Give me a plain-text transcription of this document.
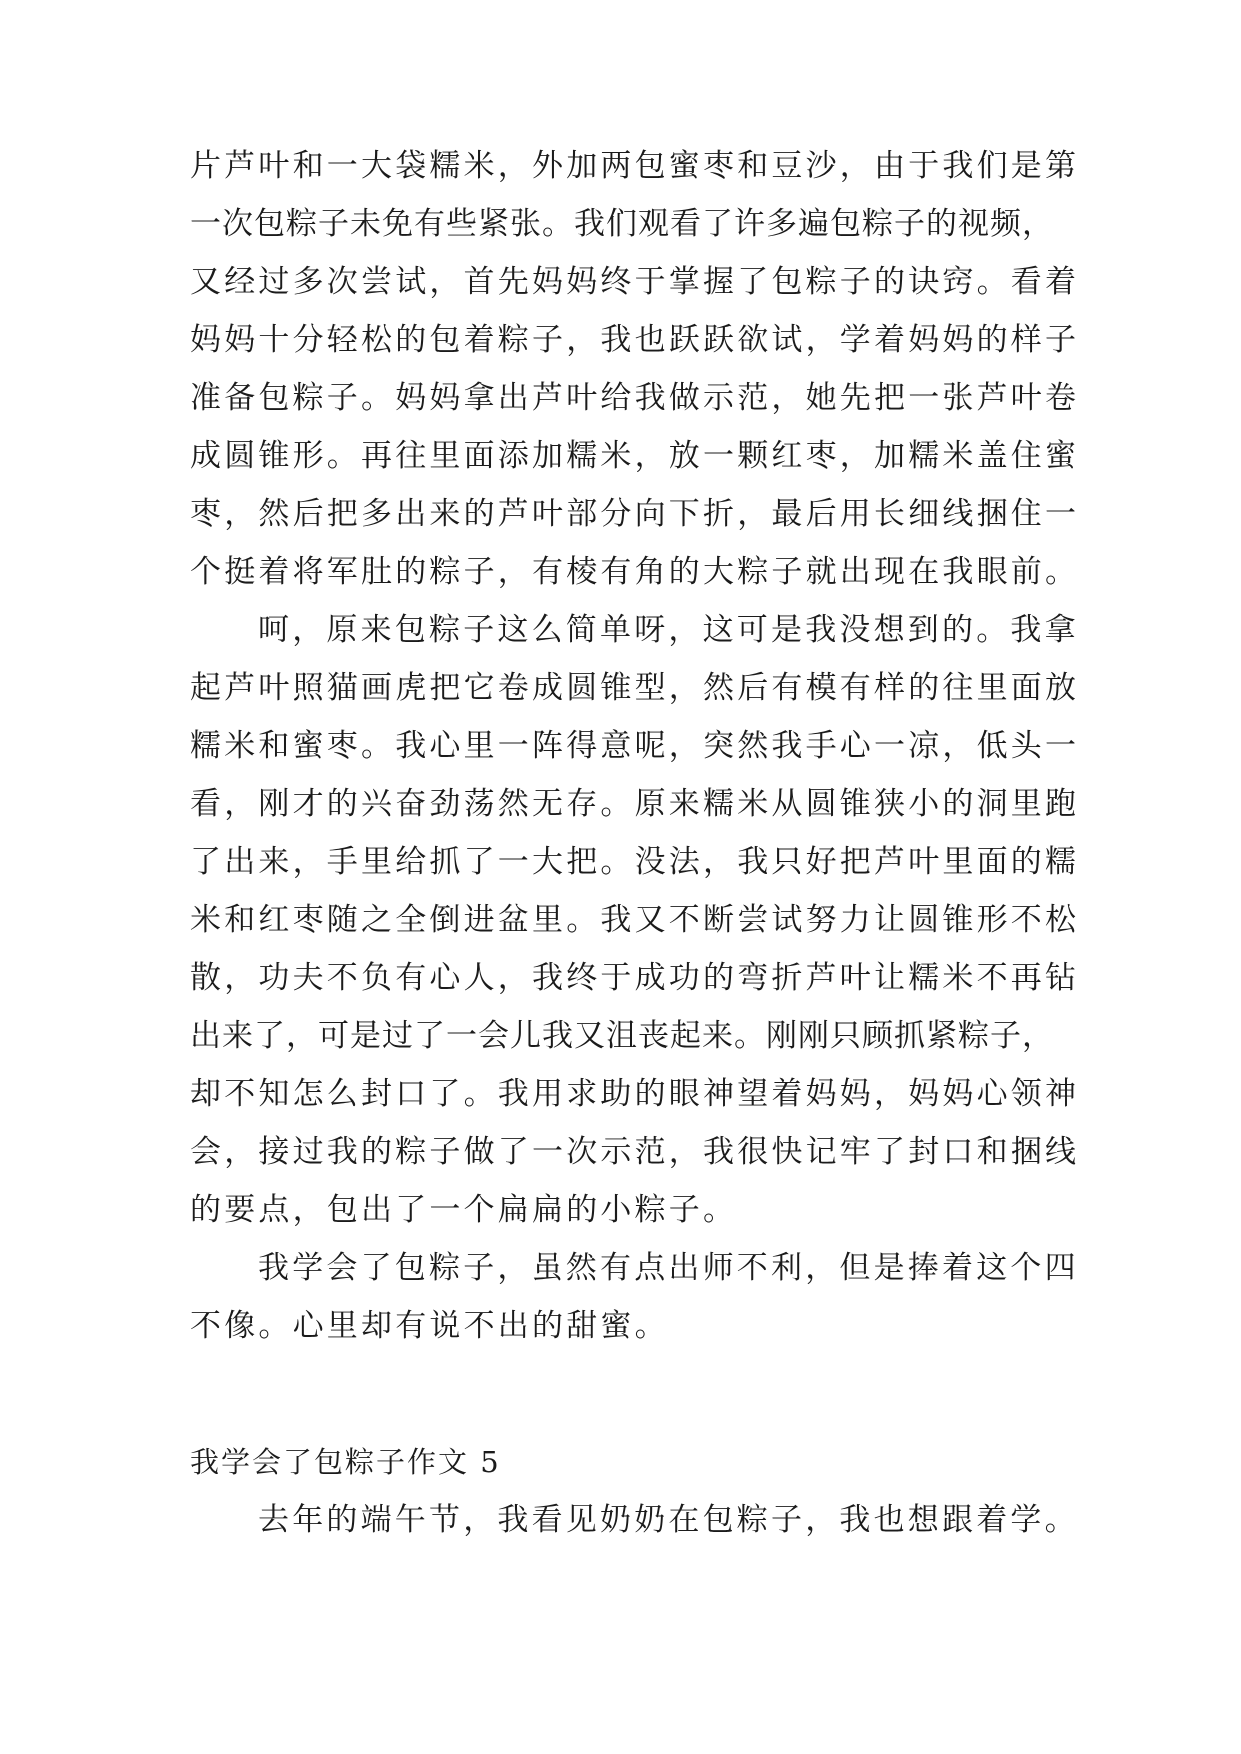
片芦叶和一大袋糯米，外加两包蜜枣和豆沙，由于我们是第
一次包粽子未免有些紧张。我们观看了许多遍包粽子的视频，
又经过多次尝试，首先妈妈终于掌握了包粽子的诀窍。看着
妈妈十分轻松的包着粽子，我也跃跃欲试，学着妈妈的样子
准备包粽子。妈妈拿出芦叶给我做示范，她先把一张芦叶卷
成圆锥形。再往里面添加糯米，放一颗红枣，加糯米盖住蜜
枣，然后把多出来的芦叶部分向下折，最后用长细线捆住一
个挺着将军肚的粽子，有棱有角的大粽子就出现在我眼前。
呵，原来包粽子这么简单呀，这可是我没想到的。我拿
起芦叶照猫画虎把它卷成圆锥型，然后有模有样的往里面放
糯米和蜜枣。我心里一阵得意呢，突然我手心一凉，低头一
看，刚才的兴奋劲荡然无存。原来糯米从圆锥狭小的洞里跑
了出来，手里给抓了一大把。没法，我只好把芦叶里面的糯
米和红枣随之全倒进盆里。我又不断尝试努力让圆锥形不松
散，功夫不负有心人，我终于成功的弯折芦叶让糯米不再钻
出来了，可是过了一会儿我又沮丧起来。刚刚只顾抓紧粽子，
却不知怎么封口了。我用求助的眼神望着妈妈，妈妈心领神
会，接过我的粽子做了一次示范，我很快记牢了封口和捆线
的要点，包出了一个扁扁的小粽子。
我学会了包粽子，虽然有点出师不利，但是捧着这个四
不像。心里却有说不出的甜蜜。
我学会了包粽子作文 5
去年的端午节，我看见奶奶在包粽子，我也想跟着学。
